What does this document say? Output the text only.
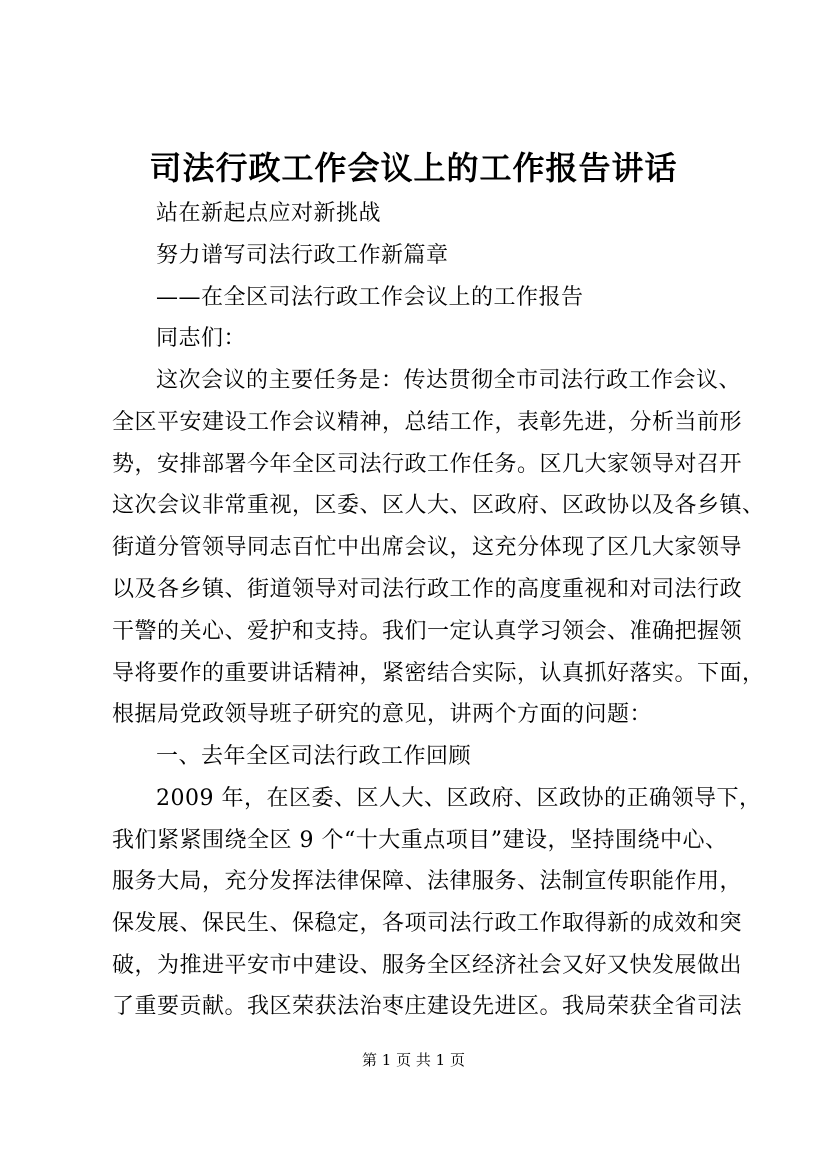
司法行政工作会议上的工作报告讲话
站在新起点应对新挑战
努力谱写司法行政工作新篇章
——在全区司法行政工作会议上的工作报告
同志们：
这次会议的主要任务是：传达贯彻全市司法行政工作会议、
全区平安建设工作会议精神，总结工作，表彰先进，分析当前形
势，安排部署今年全区司法行政工作任务。区几大家领导对召开
这次会议非常重视，区委、区人大、区政府、区政协以及各乡镇、
街道分管领导同志百忙中出席会议，这充分体现了区几大家领导
以及各乡镇、街道领导对司法行政工作的高度重视和对司法行政
干警的关心、爱护和支持。我们一定认真学习领会、准确把握领
导将要作的重要讲话精神，紧密结合实际，认真抓好落实。下面，
根据局党政领导班子研究的意见，讲两个方面的问题：
一、去年全区司法行政工作回顾
2009 年，在区委、区人大、区政府、区政协的正确领导下，
我们紧紧围绕全区 9 个“十大重点项目”建设，坚持围绕中心、
服务大局，充分发挥法律保障、法律服务、法制宣传职能作用，
保发展、保民生、保稳定，各项司法行政工作取得新的成效和突
破，为推进平安市中建设、服务全区经济社会又好又快发展做出
了重要贡献。我区荣获法治枣庄建设先进区。我局荣获全省司法
第 1 页 共 1 页
